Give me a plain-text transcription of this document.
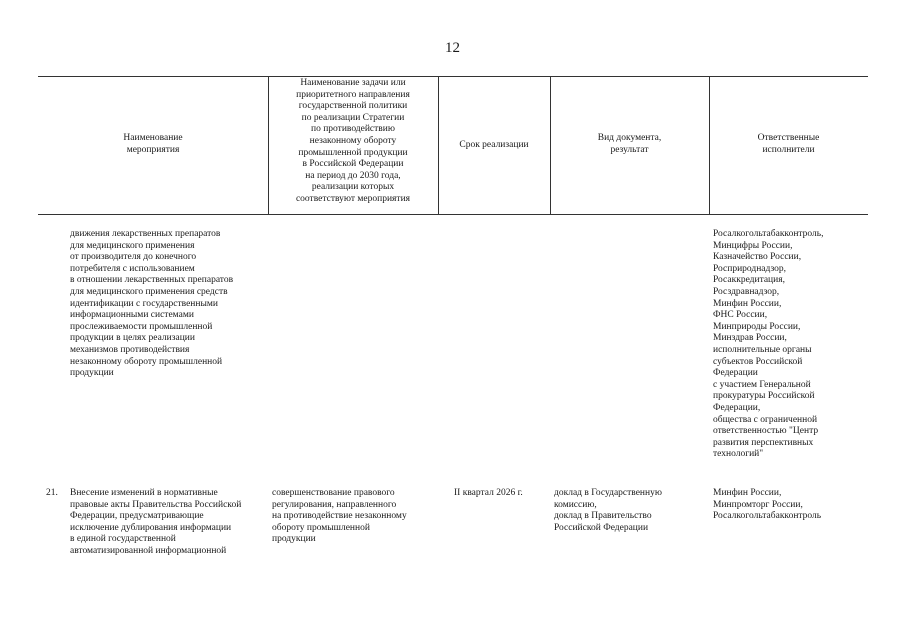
12
Наименование
мероприятия
Наименование задачи или
приоритетного направления
государственной политики
по реализации Стратегии
по противодействию
незаконному обороту
промышленной продукции
в Российской Федерации
на период до 2030 года,
реализации которых
соответствуют мероприятия
Срок реализации
Вид документа,
результат
Ответственные
исполнители
движения лекарственных препаратов
для медицинского применения
от производителя до конечного
потребителя с использованием
в отношении лекарственных препаратов
для медицинского применения средств
идентификации с государственными
информационными системами
прослеживаемости промышленной
продукции в целях реализации
механизмов противодействия
незаконному обороту промышленной
продукции
Росалкогольтабакконтроль,
Минцифры России,
Казначейство России,
Росприроднадзор,
Росаккредитация,
Росздравнадзор,
Минфин России,
ФНС России,
Минприроды России,
Минздрав России,
исполнительные органы
субъектов Российской
Федерации
с участием Генеральной
прокуратуры Российской
Федерации,
общества с ограниченной
ответственностью "Центр
развития перспективных
технологий"
21. Внесение изменений в нормативные
правовые акты Правительства Российской
Федерации, предусматривающие
исключение дублирования информации
в единой государственной
автоматизированной информационной
совершенствование правового
регулирования, направленного
на противодействие незаконному
обороту промышленной
продукции
II квартал 2026 г.	доклад в Государственную
комиссию,
доклад в Правительство
Российской Федерации
Минфин России,
Минпромторг России,
Росалкогольтабакконтроль
